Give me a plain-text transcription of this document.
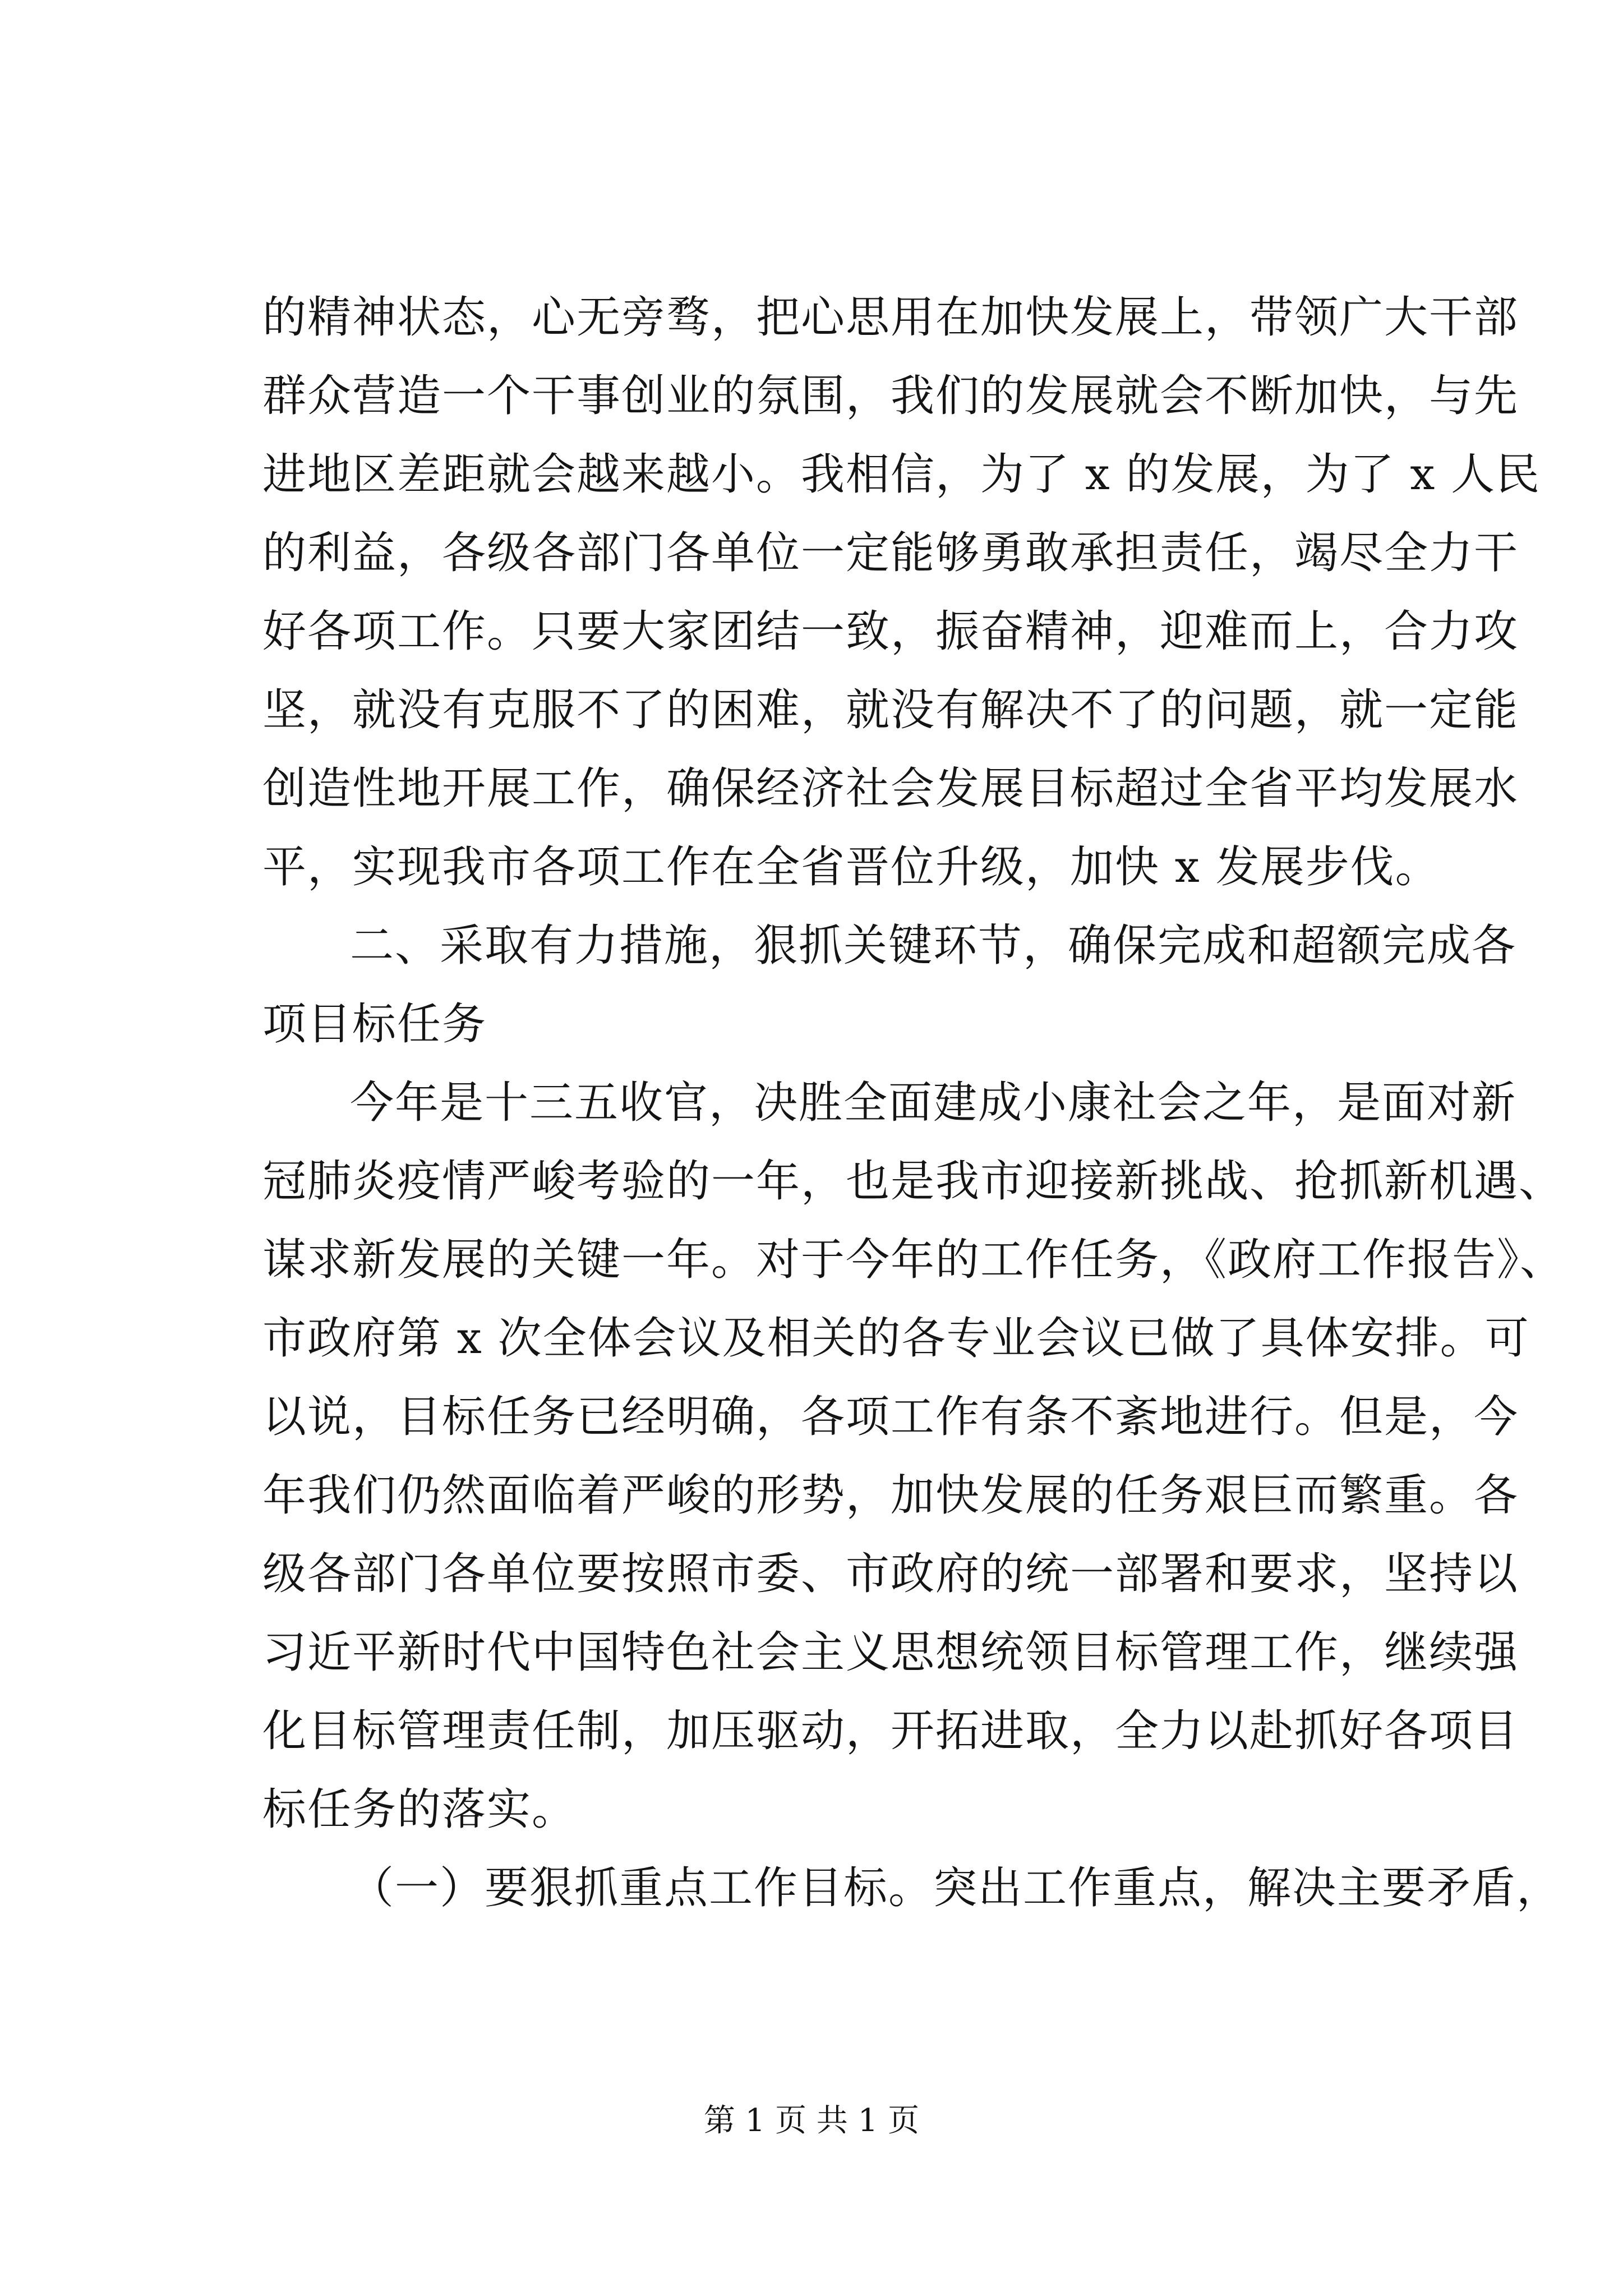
的精神状态，心无旁骛，把心思用在加快发展上，带领广大干部
群众营造一个干事创业的氛围，我们的发展就会不断加快，与先
进地区差距就会越来越小。我相信，为了 x 的发展，为了 x 人民
的利益，各级各部门各单位一定能够勇敢承担责任，竭尽全力干
好各项工作。只要大家团结一致，振奋精神，迎难而上，合力攻
坚，就没有克服不了的困难，就没有解决不了的问题，就一定能
创造性地开展工作，确保经济社会发展目标超过全省平均发展水
平，实现我市各项工作在全省晋位升级，加快 x 发展步伐。
二、采取有力措施，狠抓关键环节，确保完成和超额完成各
项目标任务
今年是十三五收官，决胜全面建成小康社会之年，是面对新
冠肺炎疫情严峻考验的一年，也是我市迎接新挑战、抢抓新机遇、
谋求新发展的关键一年。对于今年的工作任务，《政府工作报告》、
市政府第 x 次全体会议及相关的各专业会议已做了具体安排。可
以说，目标任务已经明确，各项工作有条不紊地进行。但是，今
年我们仍然面临着严峻的形势，加快发展的任务艰巨而繁重。各
级各部门各单位要按照市委、市政府的统一部署和要求，坚持以
习近平新时代中国特色社会主义思想统领目标管理工作，继续强
化目标管理责任制，加压驱动，开拓进取，全力以赴抓好各项目
标任务的落实。
（一）要狠抓重点工作目标。突出工作重点，解决主要矛盾，
第 1 页 共 1 页
